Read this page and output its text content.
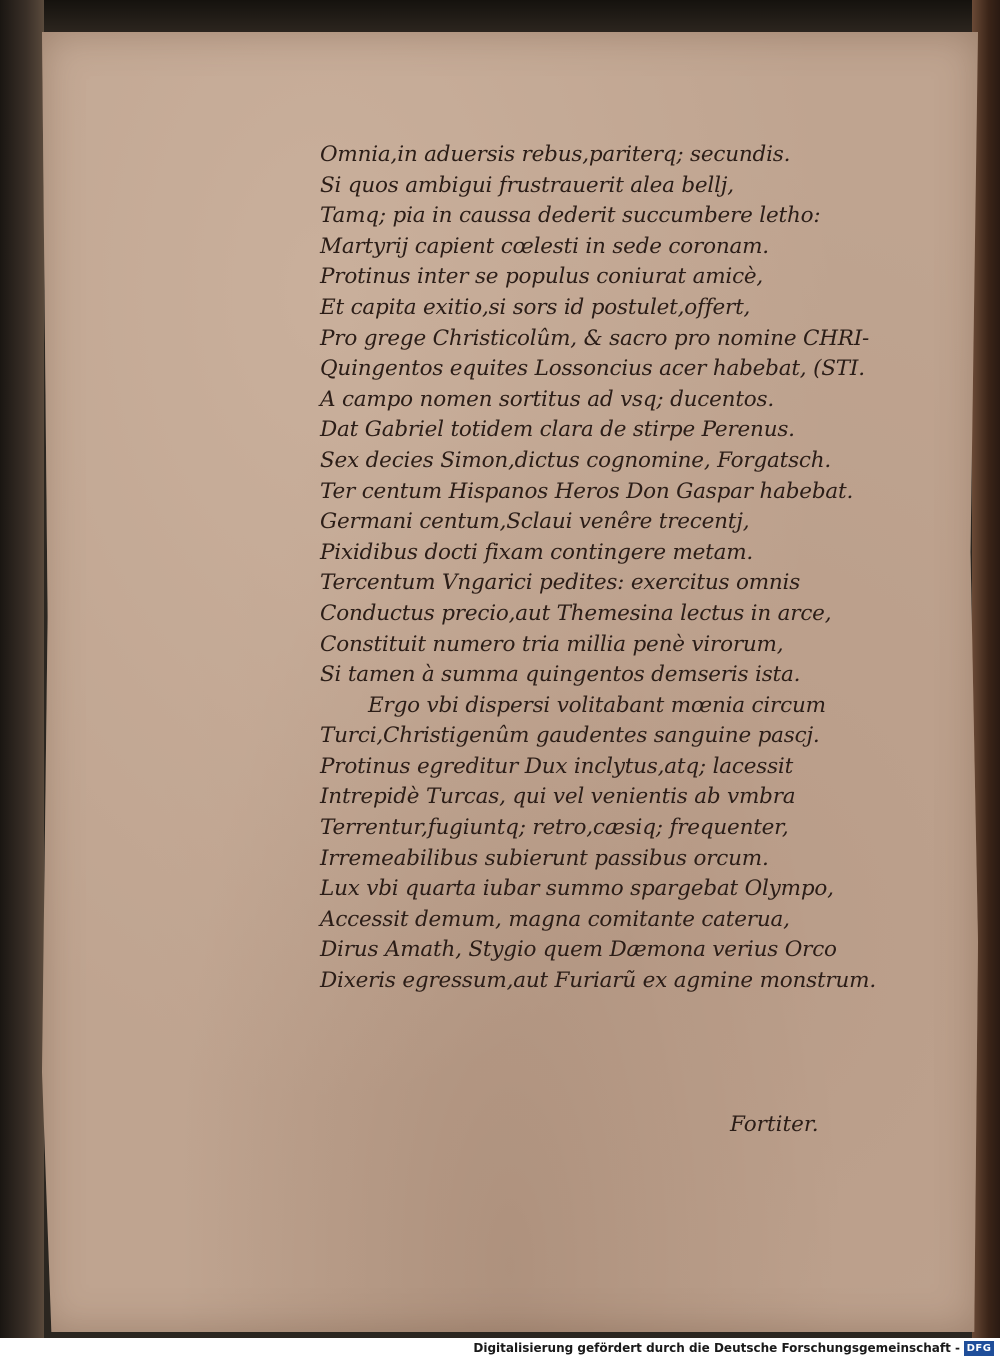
Omnia,in aduersis rebus,pariterq; secundis.
Si quos ambigui frustrauerit alea bellj,
Tamq; pia in caussa dederit succumbere letho:
Martyrij capient cœlesti in sede coronam.
Protinus inter se populus coniurat amicè,
Et capita exitio,si sors id postulet,offert,
Pro grege Christicolûm, & sacro pro nomine CHRI-
Quingentos equites Lossoncius acer habebat, (STI.
A campo nomen sortitus ad vsq; ducentos.
Dat Gabriel totidem clara de stirpe Perenus.
Sex decies Simon,dictus cognomine, Forgatsch.
Ter centum Hispanos Heros Don Gaspar habebat.
Germani centum,Sclaui venêre trecentj,
Pixidibus docti fixam contingere metam.
Tercentum Vngarici pedites: exercitus omnis
Conductus precio,aut Themesina lectus in arce,
Constituit numero tria millia penè virorum,
Si tamen à summa quingentos demseris ista.
Ergo vbi dispersi volitabant mœnia circum
Turci,Christigenûm gaudentes sanguine pascj.
Protinus egreditur Dux inclytus,atq; lacessit
Intrepidè Turcas, qui vel venientis ab vmbra
Terrentur,fugiuntq; retro,cæsiq; frequenter,
Irremeabilibus subierunt passibus orcum.
Lux vbi quarta iubar summo spargebat Olympo,
Accessit demum, magna comitante caterua,
Dirus Amath, Stygio quem Dæmona verius Orco
Dixeris egressum,aut Furiarũ ex agmine monstrum.
Fortiter.
Digitalisierung gefördert durch die Deutsche Forschungsgemeinschaft - DFG
